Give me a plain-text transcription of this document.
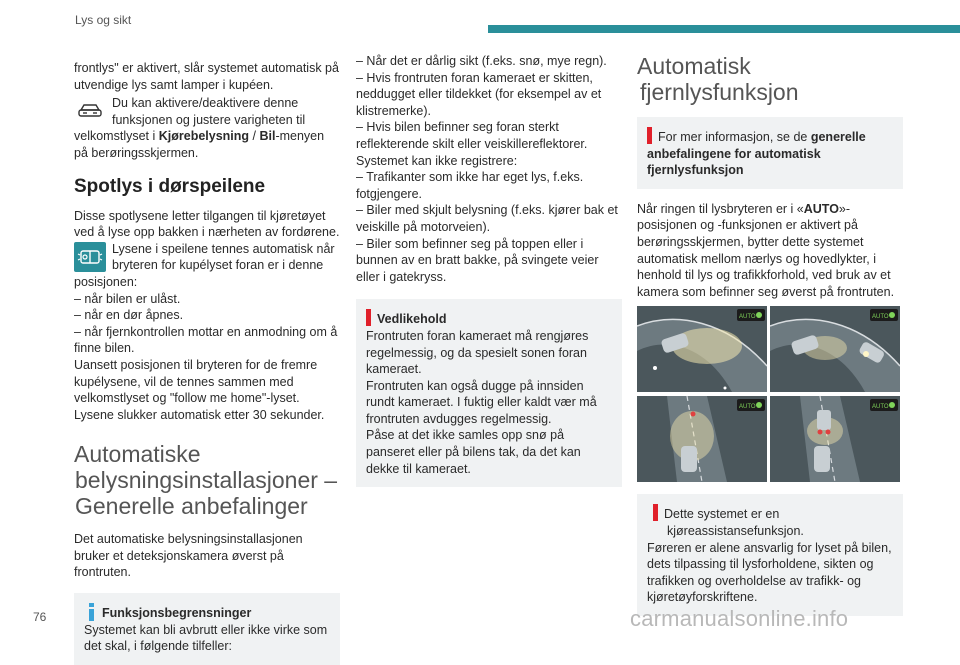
Lys og sikt

frontlys" er aktivert, slår systemet automatisk på utvendige lys samt lamper i kupéen.

Du kan aktivere/deaktivere denne funksjonen og justere varigheten til velkomstlyset i Kjørebelysning / Bil-menyen på berøringsskjermen.
Spotlys i dørspeilene

Disse spotlysene letter tilgangen til kjøretøyet ved å lyse opp bakken i nærheten av fordørene.

Lysene i speilene tennes automatisk når bryteren for kupélyset foran er i denne posisjonen:

– når bilen er ulåst.

– når en dør åpnes.

– når fjernkontrollen mottar en anmodning om å finne bilen.

Uansett posisjonen til bryteren for de fremre kupélysene, vil de tennes sammen med velkomstlyset og "follow me home"-lyset.

Lysene slukker automatisk etter 30 sekunder.

Automatiske
belysningsinstallasjoner –
Generelle anbefalinger

Det automatiske belysningsinstallasjonen bruker et deteksjonskamera øverst på frontruten.

Funksjonsbegrensninger

Systemet kan bli avbrutt eller ikke virke som det skal, i følgende tilfeller:

– Når det er dårlig sikt (f.eks. snø, mye regn).

– Hvis frontruten foran kameraet er skitten, neddugget eller tildekket (for eksempel av et klistremerke).

– Hvis bilen befinner seg foran sterkt reflekterende skilt eller veiskillereflektorer.

Systemet kan ikke registrere:

– Trafikanter som ikke har eget lys, f.eks. fotgjengere.

– Biler med skjult belysning (f.eks. kjører bak et veiskille på motorveien).

– Biler som befinner seg på toppen eller i bunnen av en bratt bakke, på svingete veier eller i gatekryss.

Vedlikehold

Frontruten foran kameraet må rengjøres regelmessig, og da spesielt sonen foran kameraet.

Frontruten kan også dugge på innsiden rundt kameraet. I fuktig eller kaldt vær må frontruten avdugges regelmessig.

Påse at det ikke samles opp snø på panseret eller på bilens tak, da det kan dekke til kameraet.

Automatisk
fjernlysfunksjon

For mer informasjon, se de generelle anbefalingene for automatisk fjernlysfunksjon

Når ringen til lysbryteren er i «AUTO»-posisjonen og -funksjonen er aktivert på berøringsskjermen, bytter dette systemet automatisk mellom nærlys og hovedlykter, i henhold til lys og trafikkforhold, ved bruk av et kamera som befinner seg øverst på frontruten.

AUTO	AUTO
AUTO	AUTO

Dette systemet er en kjøreassistansefunksjon.

Føreren er alene ansvarlig for lyset på bilen, dets tilpassing til lysforholdene, sikten og trafikken og overholdelse av trafikk- og kjøretøyforskriftene.

76	carmanualsonline.info
